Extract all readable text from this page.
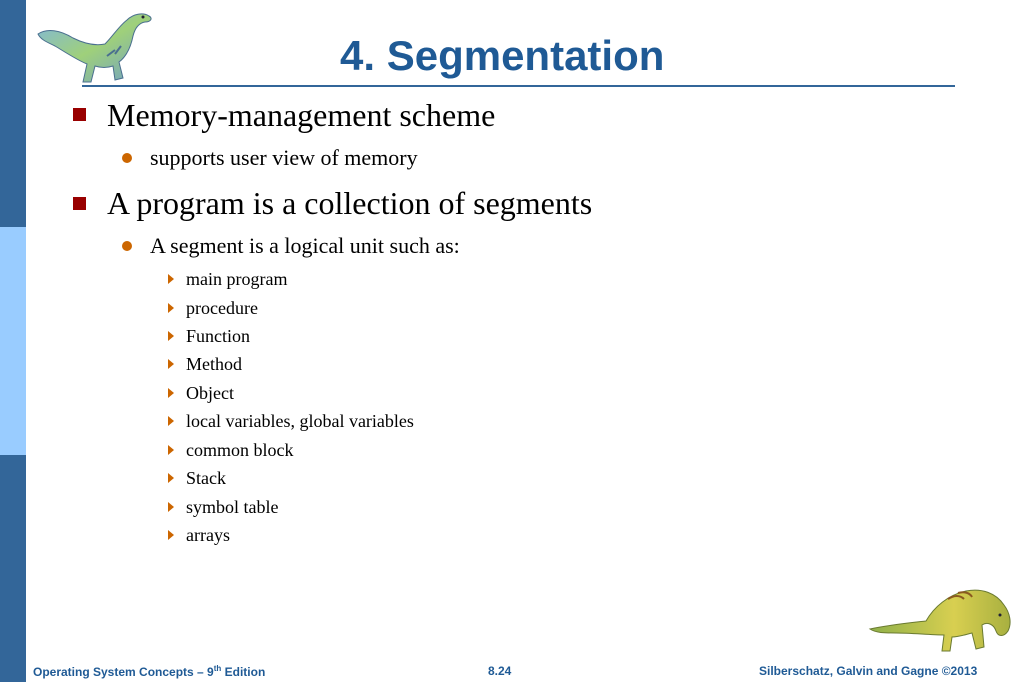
4. Segmentation
Memory-management scheme
supports user view of memory
A program is a collection of segments
A segment is a logical unit such as:
main program
procedure
Function
Method
Object
local variables, global variables
common block
Stack
symbol table
arrays
Operating System Concepts – 9th Edition	8.24	Silberschatz, Galvin and Gagne ©2013
